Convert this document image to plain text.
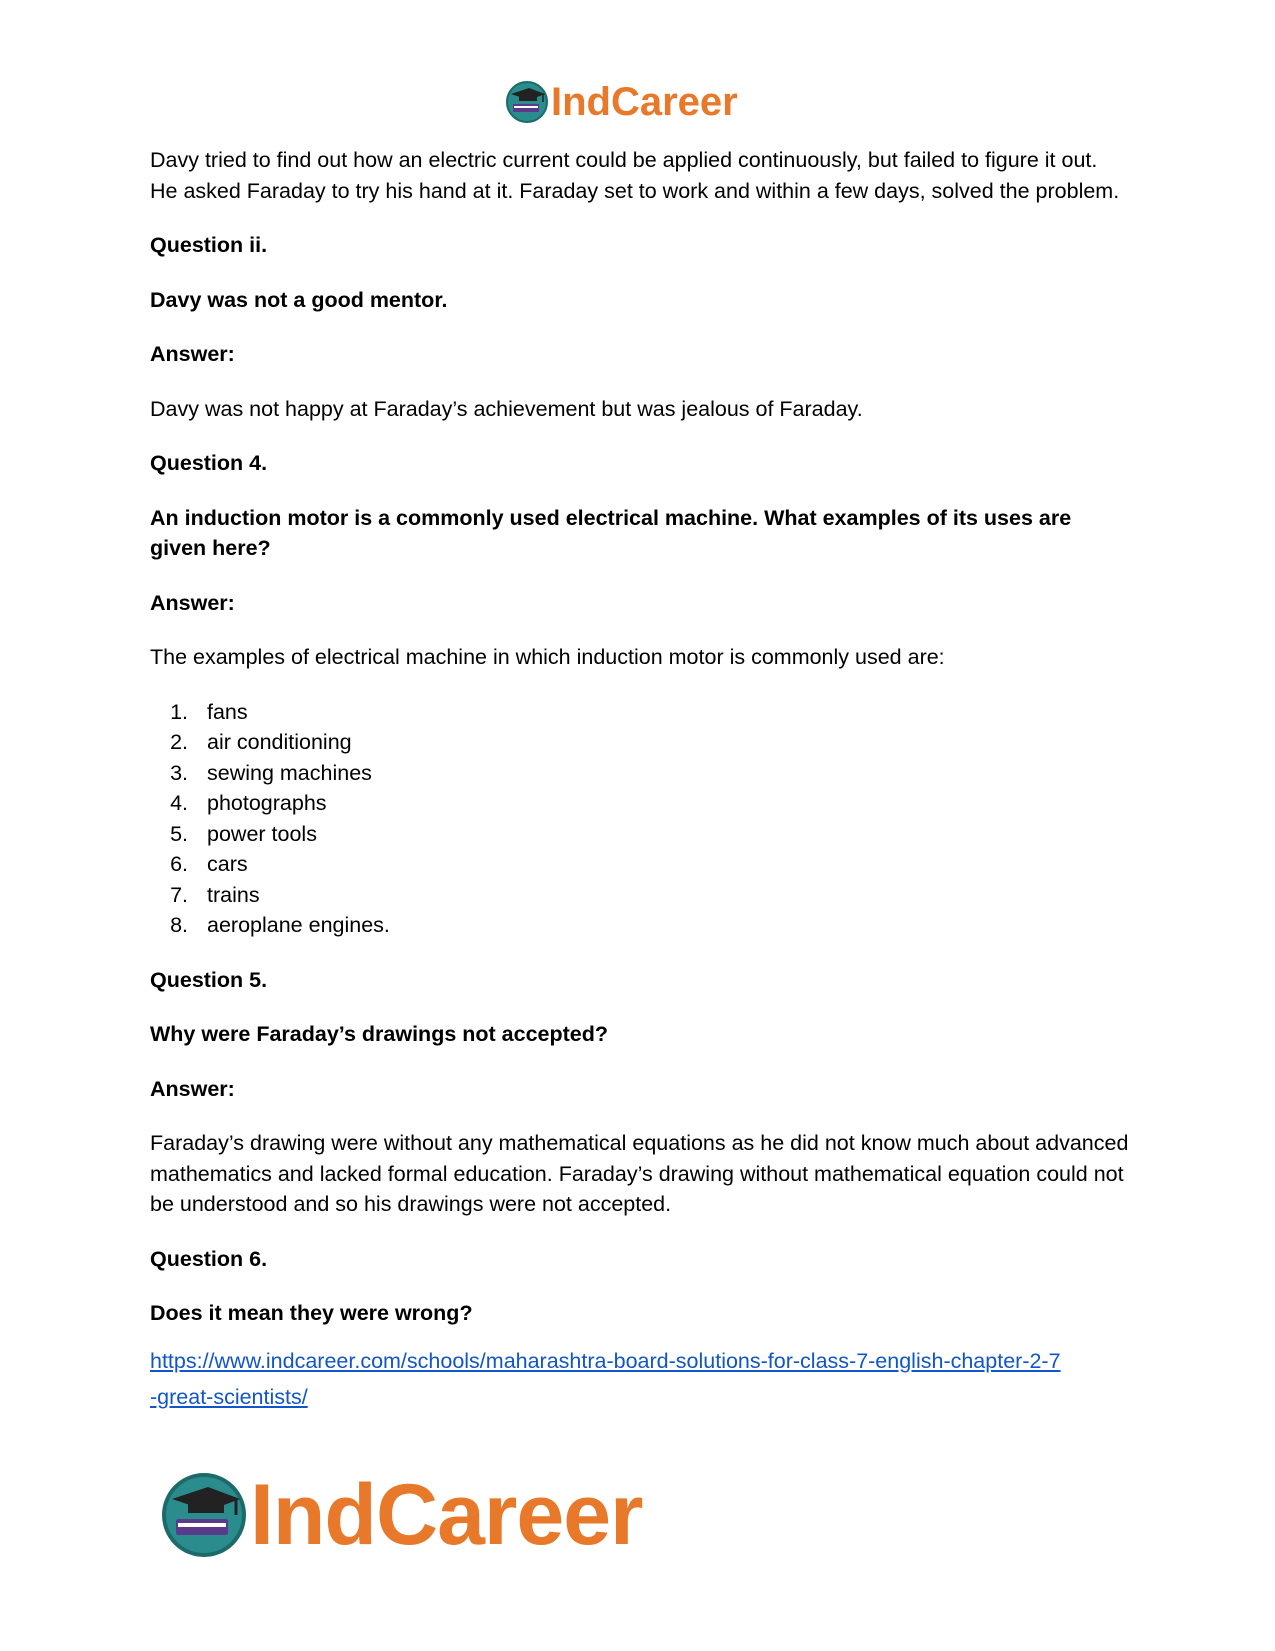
IndCareer

Davy tried to find out how an electric current could be applied continuously, but failed to figure it out. He asked Faraday to try his hand at it. Faraday set to work and within a few days, solved the problem.

Question ii.

Davy was not a good mentor.

Answer:

Davy was not happy at Faraday’s achievement but was jealous of Faraday.

Question 4.

An induction motor is a commonly used electrical machine. What examples of its uses are given here?

Answer:

The examples of electrical machine in which induction motor is commonly used are:

1. fans
2. air conditioning
3. sewing machines
4. photographs
5. power tools
6. cars
7. trains
8. aeroplane engines.

Question 5.

Why were Faraday’s drawings not accepted?

Answer:

Faraday’s drawing were without any mathematical equations as he did not know much about advanced mathematics and lacked formal education. Faraday’s drawing without mathematical equation could not be understood and so his drawings were not accepted.

Question 6.

Does it mean they were wrong?

https://www.indcareer.com/schools/maharashtra-board-solutions-for-class-7-english-chapter-2-7
-great-scientists/
IndCareer
